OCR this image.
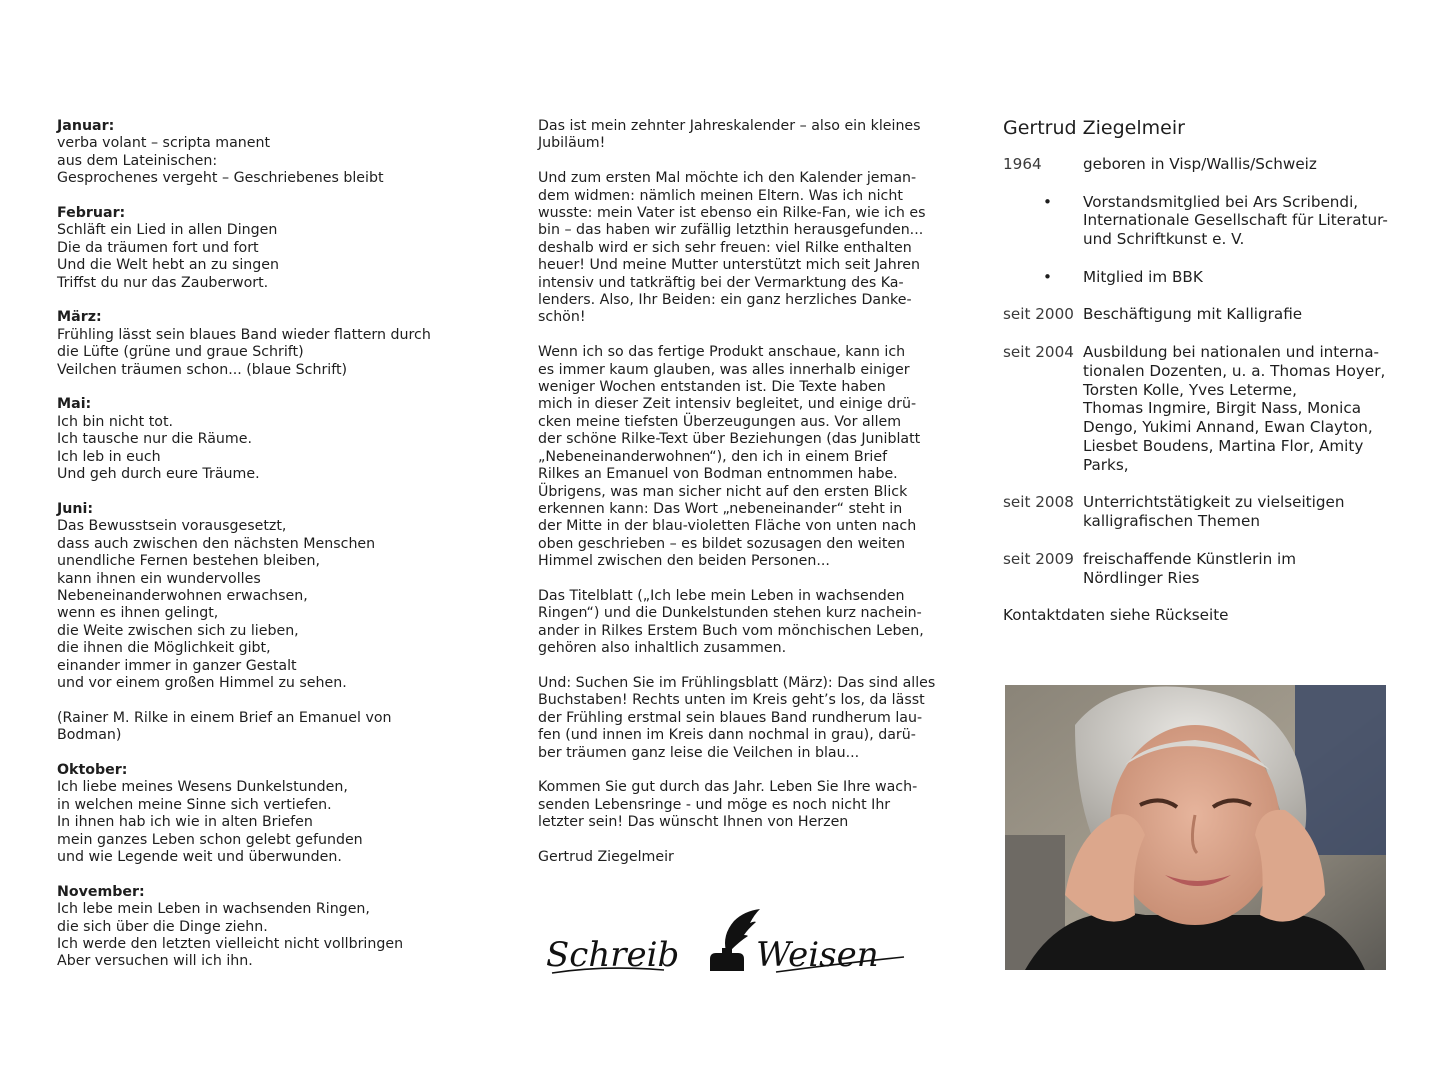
Januar:
verba volant – scripta manent
aus dem Lateinischen:
Gesprochenes vergeht – Geschriebenes bleibt
Februar:
Schläft ein Lied in allen Dingen
Die da träumen fort und fort
Und die Welt hebt an zu singen
Triffst du nur das Zauberwort.
März:
Frühling lässt sein blaues Band wieder flattern durch
die Lüfte (grüne und graue Schrift)
Veilchen träumen schon... (blaue Schrift)
Mai:
Ich bin nicht tot.
Ich tausche nur die Räume.
Ich leb in euch
Und geh durch eure Träume.
Juni:
Das Bewusstsein vorausgesetzt,
dass auch zwischen den nächsten Menschen
unendliche Fernen bestehen bleiben,
kann ihnen ein wundervolles
Nebeneinanderwohnen erwachsen,
wenn es ihnen gelingt,
die Weite zwischen sich zu lieben,
die ihnen die Möglichkeit gibt,
einander immer in ganzer Gestalt
und vor einem großen Himmel zu sehen.
(Rainer M. Rilke in einem Brief an Emanuel von
Bodman)
Oktober:
Ich liebe meines Wesens Dunkelstunden,
in welchen meine Sinne sich vertiefen.
In ihnen hab ich wie in alten Briefen
mein ganzes Leben schon gelebt gefunden
und wie Legende weit und überwunden.
November:
Ich lebe mein Leben in wachsenden Ringen,
die sich über die Dinge ziehn.
Ich werde den letzten vielleicht nicht vollbringen
Aber versuchen will ich ihn.
Das ist mein zehnter Jahreskalender – also ein kleines
Jubiläum!
Und zum ersten Mal möchte ich den Kalender jeman-
dem widmen: nämlich meinen Eltern. Was ich nicht
wusste: mein Vater ist ebenso ein Rilke-Fan, wie ich es
bin – das haben wir zufällig letzthin herausgefunden...
deshalb wird er sich sehr freuen: viel Rilke enthalten
heuer! Und meine Mutter unterstützt mich seit Jahren
intensiv und tatkräftig bei der Vermarktung des Ka-
lenders. Also, Ihr Beiden: ein ganz herzliches Danke-
schön!
Wenn ich so das fertige Produkt anschaue, kann ich
es immer kaum glauben, was alles innerhalb einiger
weniger Wochen entstanden ist. Die Texte haben
mich in dieser Zeit intensiv begleitet, und einige drü-
cken meine tiefsten Überzeugungen aus. Vor allem
der schöne Rilke-Text über Beziehungen (das Juniblatt
„Nebeneinanderwohnen“), den ich in einem Brief
Rilkes an Emanuel von Bodman entnommen habe.
Übrigens, was man sicher nicht auf den ersten Blick
erkennen kann: Das Wort „nebeneinander“ steht in
der Mitte in der blau-violetten Fläche von unten nach
oben geschrieben – es bildet sozusagen den weiten
Himmel zwischen den beiden Personen...
Das Titelblatt („Ich lebe mein Leben in wachsenden
Ringen“) und die Dunkelstunden stehen kurz nachein-
ander in Rilkes Erstem Buch vom mönchischen Leben,
gehören also inhaltlich zusammen.
Und: Suchen Sie im Frühlingsblatt (März): Das sind alles
Buchstaben! Rechts unten im Kreis geht’s los, da lässt
der Frühling erstmal sein blaues Band rundherum lau-
fen (und innen im Kreis dann nochmal in grau), darü-
ber träumen ganz leise die Veilchen in blau...
Kommen Sie gut durch das Jahr. Leben Sie Ihre wach-
senden Lebensringe - und möge es noch nicht Ihr
letzter sein! Das wünscht Ihnen von Herzen
Gertrud Ziegelmeir
Schreib Weisen
Gertrud Ziegelmeir
1964	geboren in Visp/Wallis/Schweiz
• Vorstandsmitglied bei Ars Scribendi,
Internationale Gesellschaft für Literatur-
und Schriftkunst e. V.
• Mitglied im BBK
seit 2000 Beschäftigung mit Kalligrafie
seit 2004 Ausbildung bei nationalen und interna-
tionalen Dozenten, u. a. Thomas Hoyer,
Torsten Kolle, Yves Leterme,
Thomas Ingmire, Birgit Nass, Monica
Dengo, Yukimi Annand, Ewan Clayton,
Liesbet Boudens, Martina Flor, Amity
Parks,
seit 2008 Unterrichtstätigkeit zu vielseitigen
kalligrafischen Themen
seit 2009 freischaffende Künstlerin im
Nördlinger Ries
Kontaktdaten siehe Rückseite
